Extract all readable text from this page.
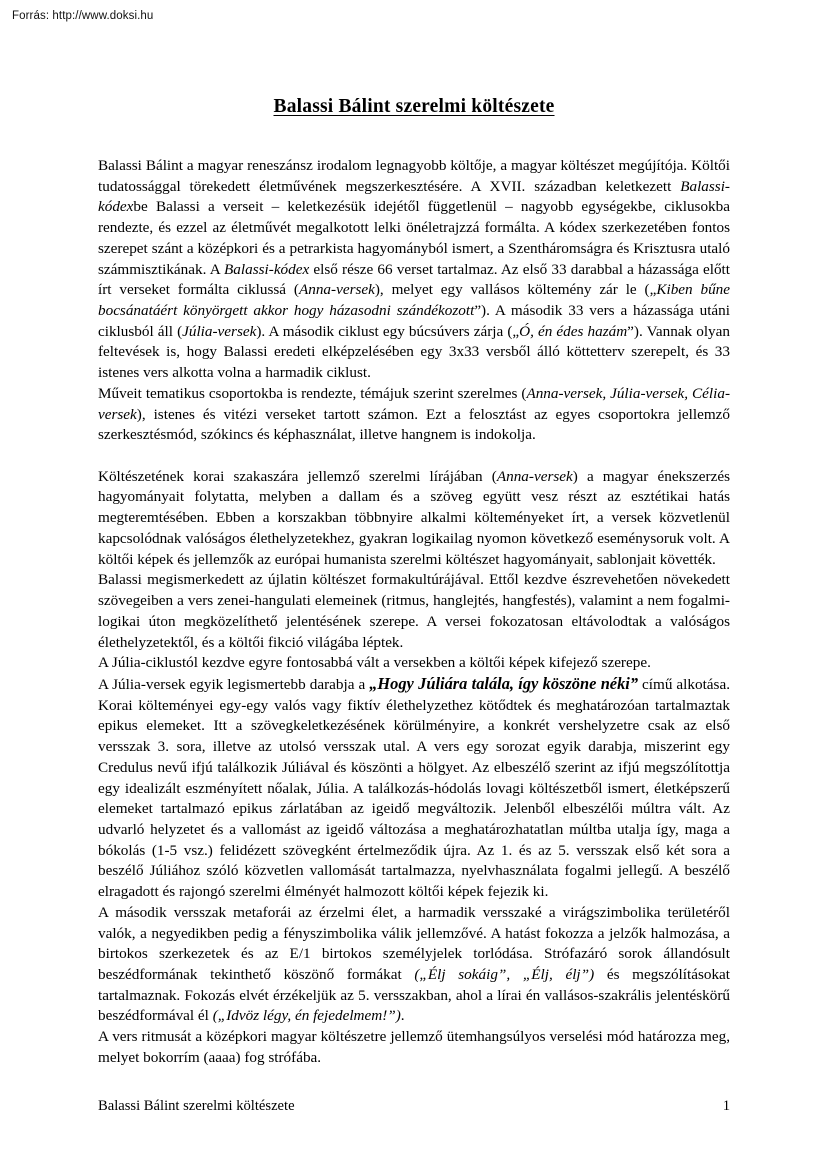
Forrás: http://www.doksi.hu
Balassi Bálint szerelmi költészete

Balassi Bálint a magyar reneszánsz irodalom legnagyobb költője, a magyar költészet megújítója. Költői tudatossággal törekedett életművének megszerkesztésére. A XVII. században keletkezett Balassi-kódexbe Balassi a verseit – keletkezésük idejétől függetlenül – nagyobb egységekbe, ciklusokba rendezte, és ezzel az életművét megalkotott lelki önéletrajzzá formálta. A kódex szerkezetében fontos szerepet szánt a középkori és a petrarkista hagyományból ismert, a Szentháromságra és Krisztusra utaló számmisztikának. A Balassi-kódex első része 66 verset tartalmaz. Az első 33 darabbal a házassága előtt írt verseket formálta ciklussá (Anna-versek), melyet egy vallásos költemény zár le („Kiben bűne bocsánatáért könyörgett akkor hogy házasodni szándékozott”). A második 33 vers a házassága utáni ciklusból áll (Júlia-versek). A második ciklust egy búcsúvers zárja („Ó, én édes hazám”). Vannak olyan feltevések is, hogy Balassi eredeti elképzelésében egy 3x33 versből álló köttetterv szerepelt, és 33 istenes vers alkotta volna a harmadik ciklust.

Műveit tematikus csoportokba is rendezte, témájuk szerint szerelmes (Anna-versek, Júlia-versek, Célia-versek), istenes és vitézi verseket tartott számon. Ezt a felosztást az egyes csoportokra jellemző szerkesztésmód, szókincs és képhasználat, illetve hangnem is indokolja.

Költészetének korai szakaszára jellemző szerelmi lírájában (Anna-versek) a magyar énekszerzés hagyományait folytatta, melyben a dallam és a szöveg együtt vesz részt az esztétikai hatás megteremtésében. Ebben a korszakban többnyire alkalmi költeményeket írt, a versek közvetlenül kapcsolódnak valóságos élethelyzetekhez, gyakran logikailag nyomon következő eseménysoruk volt. A költői képek és jellemzők az európai humanista szerelmi költészet hagyományait, sablonjait követték.

Balassi megismerkedett az újlatin költészet formakultúrájával. Ettől kezdve észrevehetően növekedett szövegeiben a vers zenei-hangulati elemeinek (ritmus, hanglejtés, hangfestés), valamint a nem fogalmi-logikai úton megközelíthető jelentésének szerepe. A versei fokozatosan eltávolodtak a valóságos élethelyzetektől, és a költői fikció világába léptek.

A Júlia-ciklustól kezdve egyre fontosabbá vált a versekben a költői képek kifejező szerepe.

A Júlia-versek egyik legismertebb darabja a „Hogy Júliára talála, így köszöne néki” című alkotása. Korai költeményei egy-egy valós vagy fiktív élethelyzethez kötődtek és meghatározóan tartalmaztak epikus elemeket. Itt a szövegkeletkezésének körülményire, a konkrét vershelyzetre csak az első versszak 3. sora, illetve az utolsó versszak utal. A vers egy sorozat egyik darabja, miszerint egy Credulus nevű ifjú találkozik Júliával és köszönti a hölgyet. Az elbeszélő szerint az ifjú megszólítottja egy idealizált eszményített nőalak, Júlia. A találkozás-hódolás lovagi költészetből ismert, életképszerű elemeket tartalmazó epikus zárlatában az igeidő megváltozik. Jelenből elbeszélői múltra vált. Az udvarló helyzetet és a vallomást az igeidő változása a meghatározhatatlan múltba utalja így, maga a bókolás (1-5 vsz.) felidézett szövegként értelmeződik újra. Az 1. és az 5. versszak első két sora a beszélő Júliához szóló közvetlen vallomását tartalmazza, nyelvhasználata fogalmi jellegű. A beszélő elragadott és rajongó szerelmi élményét halmozott költői képek fejezik ki.

A második versszak metaforái az érzelmi élet, a harmadik versszaké a virágszimbolika területéről valók, a negyedikben pedig a fényszimbolika válik jellemzővé. A hatást fokozza a jelzők halmozása, a birtokos szerkezetek és az E/1 birtokos személyjelek torlódása. Strófazáró sorok állandósult beszédformának tekinthető köszönő formákat („Élj sokáig”, „Élj, élj”) és megszólításokat tartalmaznak. Fokozás elvét érzékeljük az 5. versszakban, ahol a lírai én vallásos-szakrális jelentéskörű beszédformával él („Idvöz légy, én fejedelmem!”).

A vers ritmusát a középkori magyar költészetre jellemző ütemhangsúlyos verselési mód határozza meg, melyet bokorrím (aaaa) fog strófába.

Balassi Bálint szerelmi költészete	1
